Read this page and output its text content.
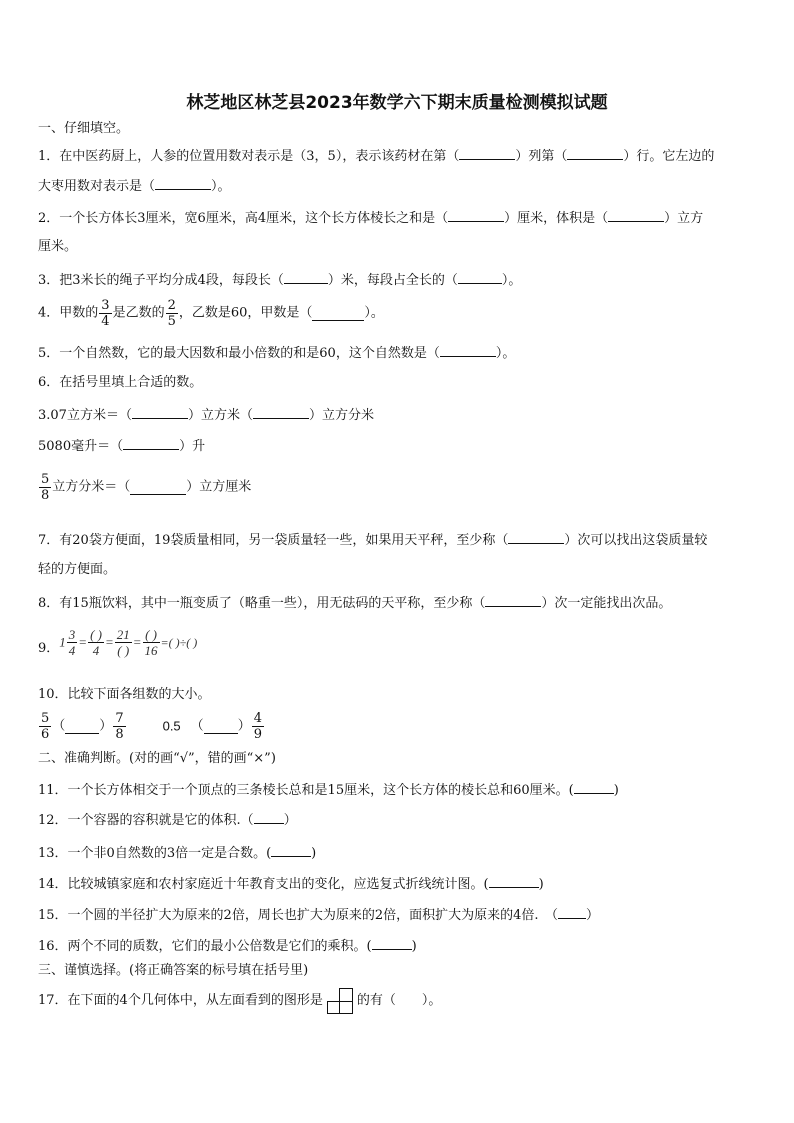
林芝地区林芝县2023年数学六下期末质量检测模拟试题
一、仔细填空。
1．在中医药厨上，人参的位置用数对表示是（3，5），表示该药材在第（	）列第（	）行。它左边的
大枣用数对表示是（	）。
2．一个长方体长3厘米，宽6厘米，高4厘米，这个长方体棱长之和是（	）厘米，体积是（	）立方
厘米。
3．把3米长的绳子平均分成4段，每段长（	）米，每段占全长的（	）。
4．甲数的 $\frac{3}{4}$ 是乙数的 $\frac{2}{5}$ ，乙数是60，甲数是（	）。
5．一个自然数，它的最大因数和最小倍数的和是60，这个自然数是（	）。
6．在括号里填上合适的数。
3.07立方米＝（	）立方米（	）立方分米
5080毫升＝（	）升
$\frac{5}{8}$ 立方分米＝（	）立方厘米
7．有20袋方便面，19袋质量相同，另一袋质量轻一些，如果用天平秤，至少称（	）次可以找出这袋质量较
轻的方便面。
8．有15瓶饮料，其中一瓶变质了（略重一些），用无砝码的天平称，至少称（	）次一定能找出次品。
9．$1 \frac{3}{4} = \frac{( )}{4} = \frac{21}{( )} = \frac{( )}{16}$ =( )÷( )
10．比较下面各组数的大小。
$\frac{5}{6}$ （	） $\frac{7}{8}$	0.5 （	） $\frac{4}{9}$
二、准确判断。(对的画“√”，错的画“×”)
11．一个长方体相交于一个顶点的三条棱长总和是15厘米，这个长方体的棱长总和60厘米。(	)
12．一个容器的容积就是它的体积.（ ）
13．一个非0自然数的3倍一定是合数。(	)
14．比较城镇家庭和农村家庭近十年教育支出的变化，应选复式折线统计图。(	)
15．一个圆的半径扩大为原来的2倍，周长也扩大为原来的2倍，面积扩大为原来的4倍.　（ ）
16．两个不同的质数，它们的最小公倍数是它们的乘积。(	)
三、谨慎选择。(将正确答案的标号填在括号里)
17．在下面的4个几何体中，从左面看到的图形是	的有（　　）。
